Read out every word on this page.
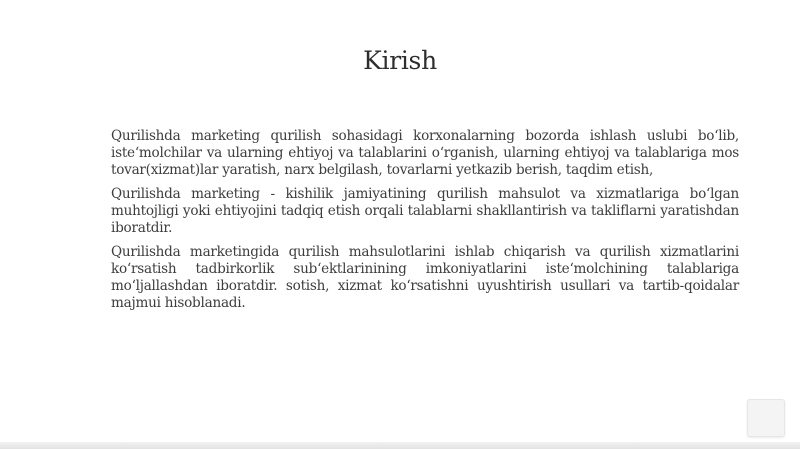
Kirish

Qurilishda marketing qurilish sohasidagi korxonalarning bozorda ishlash uslubi bo‘lib, iste‘molchilar va ularning ehtiyoj va talablarini o‘rganish, ularning ehtiyoj va talablariga mos tovar(xizmat)lar yaratish, narx belgilash, tovarlarni yetkazib berish, taqdim etish,

Qurilishda marketing - kishilik jamiyatining qurilish mahsulot va xizmatlariga bo‘lgan muhtojligi yoki ehtiyojini tadqiq etish orqali talablarni shakllantirish va takliflarni yaratishdan iboratdir.

Qurilishda marketingida qurilish mahsulotlarini ishlab chiqarish va qurilish xizmatlarini ko‘rsatish tadbirkorlik sub‘ektlarinining imkoniyatlarini iste‘molchining talablariga mo‘ljallashdan iboratdir. sotish, xizmat ko‘rsatishni uyushtirish usullari va tartib-qoidalar majmui hisoblanadi.
